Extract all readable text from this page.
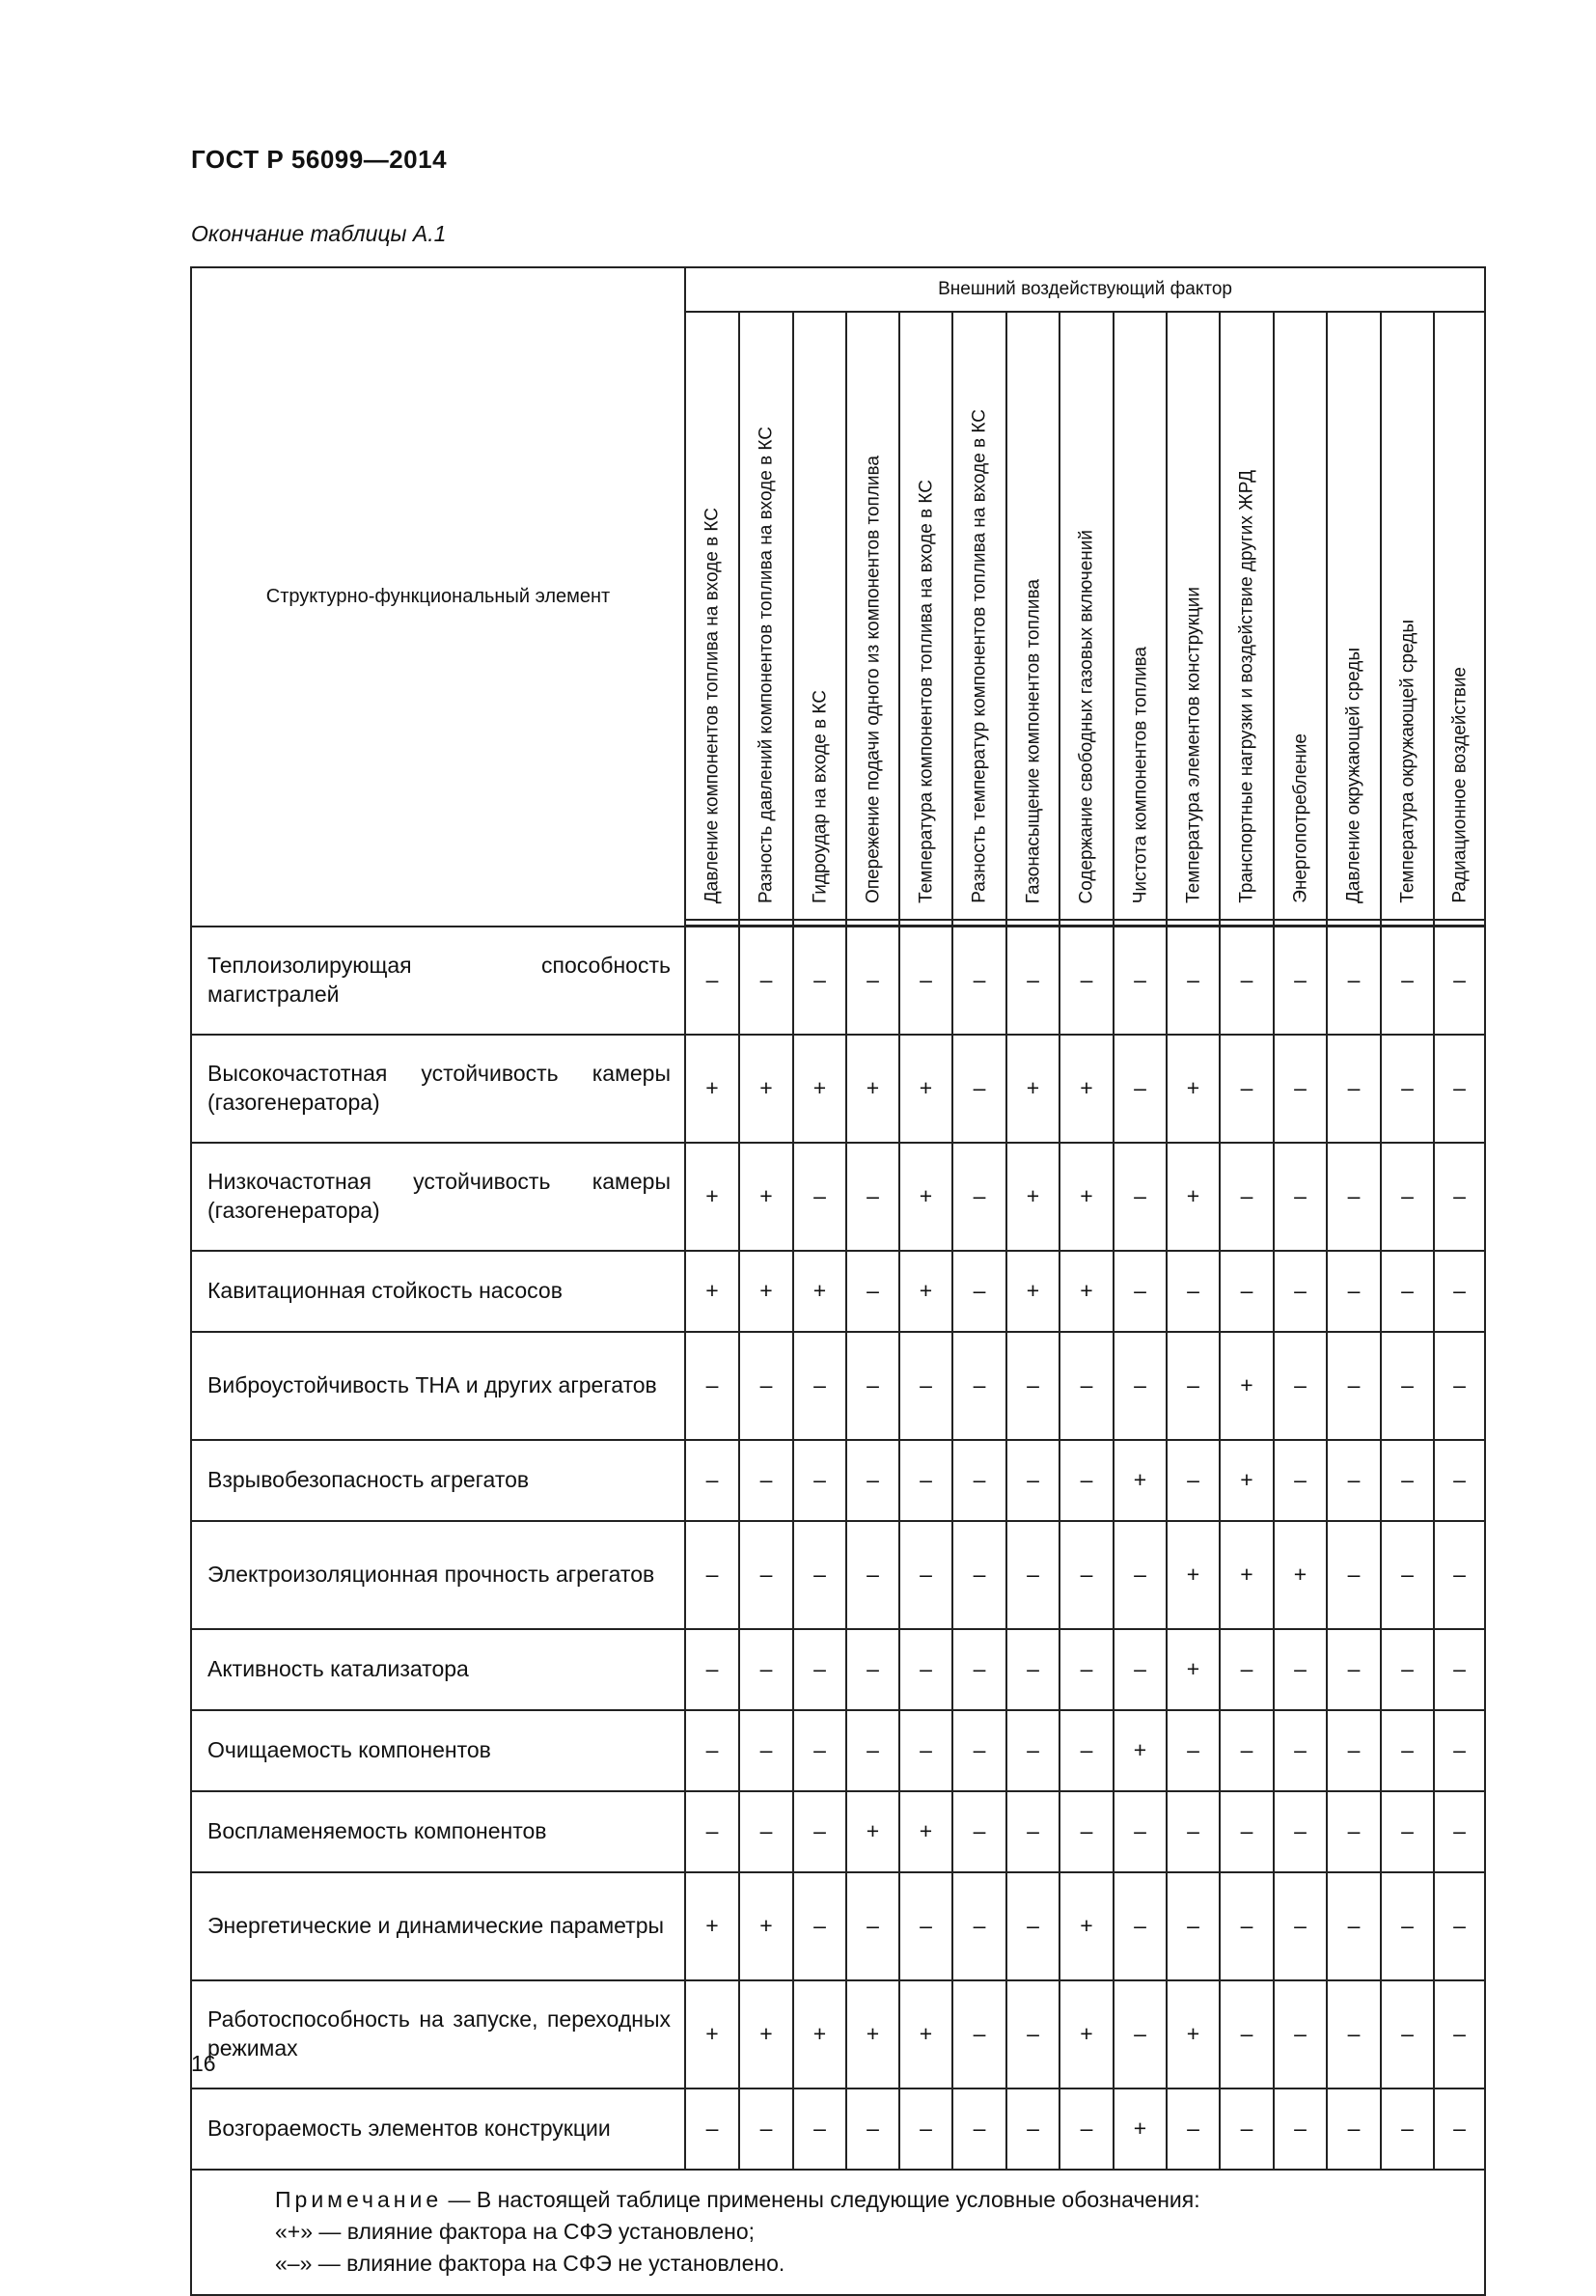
ГОСТ Р 56099—2014
Окончание таблицы А.1
Структурно-функциональный элемент	Внешний воздействующий фактор														

	Давление компонентов топлива на входе в КС	Разность давлений компонентов топлива на входе в КС	Гидроудар на входе в КС	Опережение подачи одного из компонентов топлива	Температура компонентов топлива на входе в КС	Разность температур компонентов топлива на входе в КС	Газонасыщение компонентов топлива	Содержание свободных газовых включений	Чистота компонентов топлива	Температура элементов конструкции	Транспортные нагрузки и воздействие других ЖРД	Энергопотребление	Давление окружающей среды	Температура окружающей среды	Радиационное воздействие

Теплоизолирующая способность магистралей	–	–	–	–	–	–	–	–	–	–	–	–	–	–	–
Высокочастотная устойчивость камеры (газогенератора)	+	+	+	+	+	–	+	+	–	+	–	–	–	–	–
Низкочастотная устойчивость камеры (газогенератора)	+	+	–	–	+	–	+	+	–	+	–	–	–	–	–
Кавитационная стойкость насосов	+	+	+	–	+	–	+	+	–	–	–	–	–	–	–
Виброустойчивость ТНА и других агрегатов	–	–	–	–	–	–	–	–	–	–	+	–	–	–	–
Взрывобезопасность агрегатов	–	–	–	–	–	–	–	–	+	–	+	–	–	–	–
Электроизоляционная прочность агрегатов	–	–	–	–	–	–	–	–	–	+	+	+	–	–	–
Активность катализатора	–	–	–	–	–	–	–	–	–	+	–	–	–	–	–
Очищаемость компонентов	–	–	–	–	–	–	–	–	+	–	–	–	–	–	–
Воспламеняемость компонентов	–	–	–	+	+	–	–	–	–	–	–	–	–	–	–
Энергетические и динамические параметры	+	+	–	–	–	–	–	+	–	–	–	–	–	–	–
Работоспособность на запуске, переходных режимах	+	+	+	+	+	–	–	+	–	+	–	–	–	–	–
Возгораемость элементов конструкции	–	–	–	–	–	–	–	–	+	–	–	–	–	–	–

Примечание — В настоящей таблице применены следующие условные обозначения:
«+» — влияние фактора на СФЭ установлено;
«–» — влияние фактора на СФЭ не установлено.															
16
